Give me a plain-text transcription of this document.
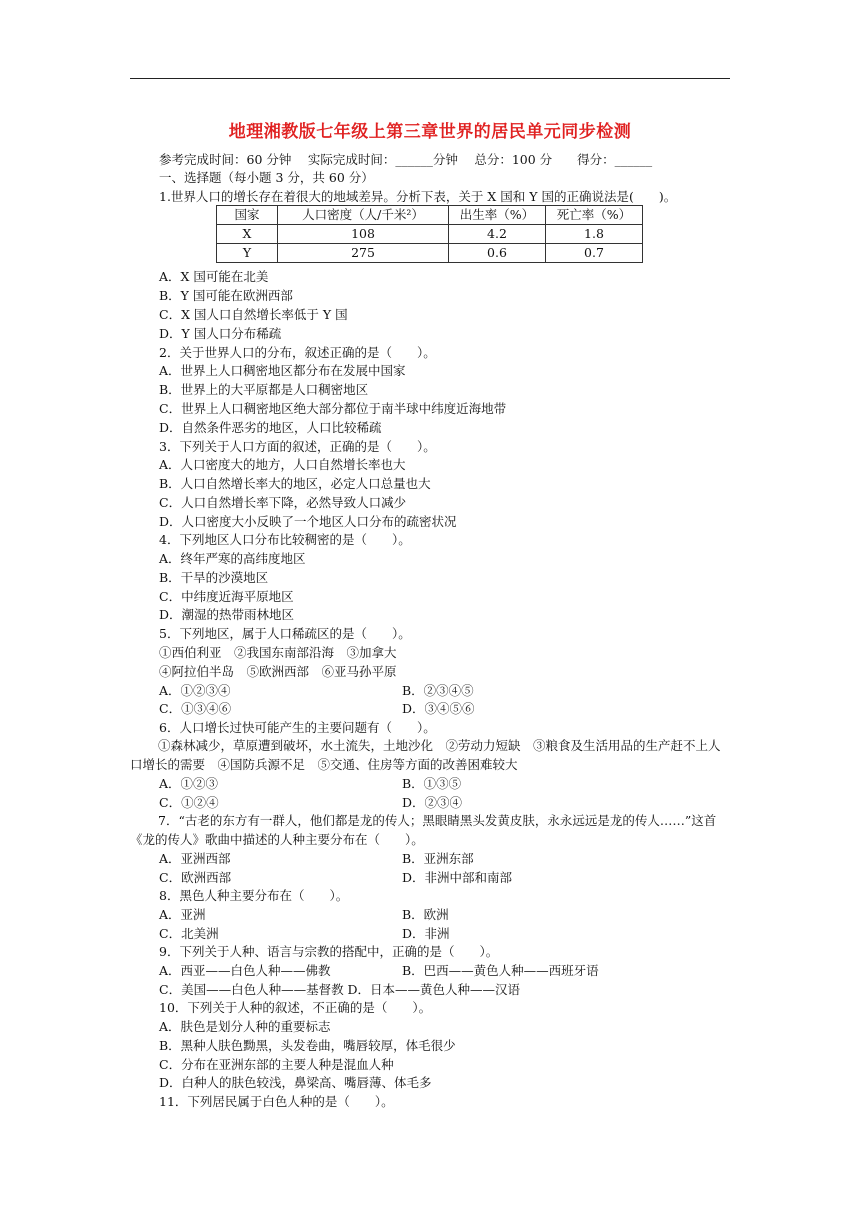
地理湘教版七年级上第三章世界的居民单元同步检测
参考完成时间：60 分钟　 实际完成时间：______分钟　 总分：100 分　　得分：______
一、选择题（每小题 3 分，共 60 分）
1.世界人口的增长存在着很大的地域差异。分析下表，关于 X 国和 Y 国的正确说法是(　　)。
国家	人口密度（人/千米²）	出生率（%）	死亡率（%）
X	108	4.2	1.8
Y	275	0.6	0.7
A．X 国可能在北美
B．Y 国可能在欧洲西部
C．X 国人口自然增长率低于 Y 国
D．Y 国人口分布稀疏
2．关于世界人口的分布，叙述正确的是（　　）。
A．世界上人口稠密地区都分布在发展中国家
B．世界上的大平原都是人口稠密地区
C．世界上人口稠密地区绝大部分都位于南半球中纬度近海地带
D．自然条件恶劣的地区，人口比较稀疏
3．下列关于人口方面的叙述，正确的是（　　）。
A．人口密度大的地方，人口自然增长率也大
B．人口自然增长率大的地区，必定人口总量也大
C．人口自然增长率下降，必然导致人口减少
D．人口密度大小反映了一个地区人口分布的疏密状况
4．下列地区人口分布比较稠密的是（　　）。
A．终年严寒的高纬度地区
B．干旱的沙漠地区
C．中纬度近海平原地区
D．潮湿的热带雨林地区
5．下列地区，属于人口稀疏区的是（　　）。
①西伯利亚　②我国东南部沿海　③加拿大
④阿拉伯半岛　⑤欧洲西部　⑥亚马孙平原
A．①②③④	B．②③④⑤
C．①③④⑥	D．③④⑤⑥
6．人口增长过快可能产生的主要问题有（　　）。
①森林减少，草原遭到破坏，水土流失，土地沙化　②劳动力短缺　③粮食及生活用品的生产赶不上人口增长的需要　④国防兵源不足　⑤交通、住房等方面的改善困难较大
A．①②③	B．①③⑤
C．①②④	D．②③④
7．“古老的东方有一群人，他们都是龙的传人；黑眼睛黑头发黄皮肤，永永远远是龙的传人……”这首《龙的传人》歌曲中描述的人种主要分布在（　　）。
A．亚洲西部	B．亚洲东部
C．欧洲西部	D．非洲中部和南部
8．黑色人种主要分布在（　　）。
A．亚洲	B．欧洲
C．北美洲	D．非洲
9．下列关于人种、语言与宗教的搭配中，正确的是（　　）。
A．西亚——白色人种——佛教	B．巴西——黄色人种——西班牙语
C．美国——白色人种——基督教 D．日本——黄色人种——汉语
10．下列关于人种的叙述，不正确的是（　　）。
A．肤色是划分人种的重要标志
B．黑种人肤色黝黑，头发卷曲，嘴唇较厚，体毛很少
C．分布在亚洲东部的主要人种是混血人种
D．白种人的肤色较浅，鼻梁高、嘴唇薄、体毛多
11．下列居民属于白色人种的是（　　）。
